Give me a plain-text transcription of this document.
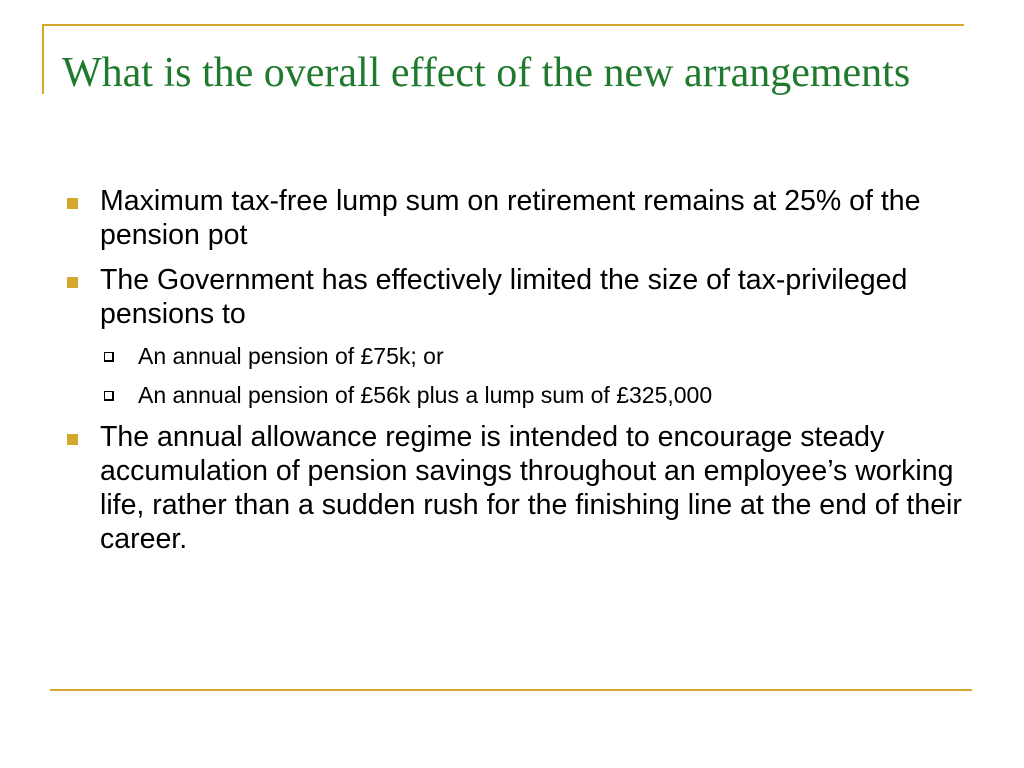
What is the overall effect of the new arrangements
Maximum tax-free lump sum on retirement remains at 25% of the pension pot
The Government has effectively limited the size of tax-privileged pensions to
An annual pension of £75k; or
An annual pension of £56k plus a lump sum of £325,000
The annual allowance regime is intended to encourage steady accumulation of pension savings throughout an employee’s working life, rather than a sudden rush for the finishing line at the end of their career.
